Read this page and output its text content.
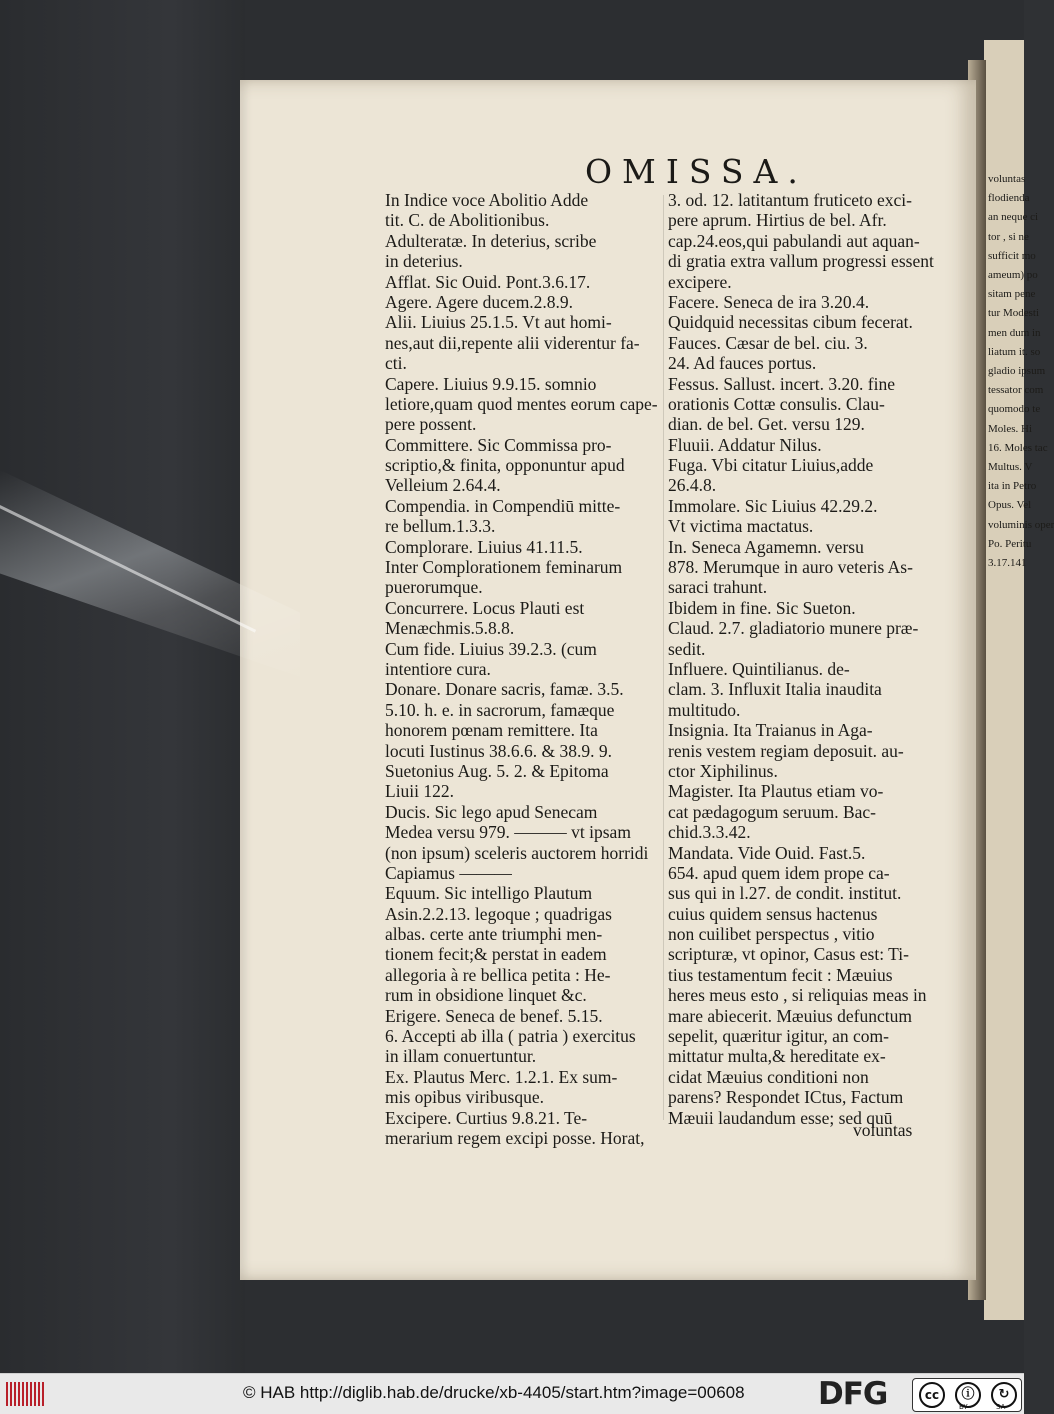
OMISSA.
In Indice voce Abolitio Adde
tit. C. de Abolitionibus.
Adulteratæ. In deterius, scribe
in deterius.
Afflat. Sic Ouid. Pont.3.6.17.
Agere. Agere ducem.2.8.9.
Alii. Liuius 25.1.5. Vt aut homi-
nes,aut dii,repente alii viderentur fa-
cti.
Capere. Liuius 9.9.15. somnio
letiore,quam quod mentes eorum cape-
pere possent.
Committere. Sic Commissa pro-
scriptio,& finita, opponuntur apud
Velleium 2.64.4.
Compendia. in Compendiū mitte-
re bellum.1.3.3.
Complorare. Liuius 41.11.5.
Inter Complorationem feminarum
puerorumque.
Concurrere. Locus Plauti est
Menæchmis.5.8.8.
Cum fide. Liuius 39.2.3. (cum
intentiore cura.
Donare. Donare sacris, famæ. 3.5.
5.10. h. e. in sacrorum, famæque
honorem pœnam remittere. Ita
locuti Iustinus 38.6.6. & 38.9. 9.
Suetonius Aug. 5. 2. & Epitoma
Liuii 122.
Ducis. Sic lego apud Senecam
Medea versu 979. ——— vt ipsam
(non ipsum) sceleris auctorem horridi
Capiamus ———
Equum. Sic intelligo Plautum
Asin.2.2.13. legoque ; quadrigas
albas. certe ante triumphi men-
tionem fecit;& perstat in eadem
allegoria à re bellica petita : He-
rum in obsidione linquet &c.
Erigere. Seneca de benef. 5.15.
6. Accepti ab illa ( patria ) exercitus
in illam conuertuntur.
Ex. Plautus Merc. 1.2.1. Ex sum-
mis opibus viribusque.
Excipere. Curtius 9.8.21. Te-
merarium regem excipi posse. Horat,
3. od. 12. latitantum fruticeto exci-
pere aprum. Hirtius de bel. Afr.
cap.24.eos,qui pabulandi aut aquan-
di gratia extra vallum progressi essent
excipere.
Facere. Seneca de ira 3.20.4.
Quidquid necessitas cibum fecerat.
Fauces. Cæsar de bel. ciu. 3.
24. Ad fauces portus.
Fessus. Sallust. incert. 3.20. fine
orationis Cottæ consulis. Clau-
dian. de bel. Get. versu 129.
Fluuii. Addatur Nilus.
Fuga. Vbi citatur Liuius,adde
26.4.8.
Immolare. Sic Liuius 42.29.2.
Vt victima mactatus.
In. Seneca Agamemn. versu
878. Merumque in auro veteris As-
saraci trahunt.
Ibidem in fine. Sic Sueton.
Claud. 2.7. gladiatorio munere præ-
sedit.
Influere. Quintilianus. de-
clam. 3. Influxit Italia inaudita
multitudo.
Insignia. Ita Traianus in Aga-
renis vestem regiam deposuit. au-
ctor Xiphilinus.
Magister. Ita Plautus etiam vo-
cat pædagogum seruum. Bac-
chid.3.3.42.
Mandata. Vide Ouid. Fast.5.
654. apud quem idem prope ca-
sus qui in l.27. de condit. institut.
cuius quidem sensus hactenus
non cuilibet perspectus , vitio
scripturæ, vt opinor, Casus est: Ti-
tius testamentum fecit : Mæuius
heres meus esto , si reliquias meas in
mare abiecerit. Mæuius defunctum
sepelit, quæritur igitur, an com-
mittatur multa,& hereditate ex-
cidat Mæuius conditioni non
parens? Respondet ICtus, Factum
Mæuii laudandum esse; sed quū
voluntas
voluntas
flodienda
an neque ci
tor , si ne
sufficit mo
ameum) po
sitam pene
tur Modesti
men dum in
liatum it. so
gladio ipsum
tessator com
quomodo te
Moles. Hi
16. Moles tac
Multus. V
ita in Petro
Opus. Vel
voluminis oper
Po. Peritu
3.17.141
© HAB http://diglib.hab.de/drucke/xb-4405/start.htm?image=00608 DFG	cc	ⓘ	↻
BY	SA
